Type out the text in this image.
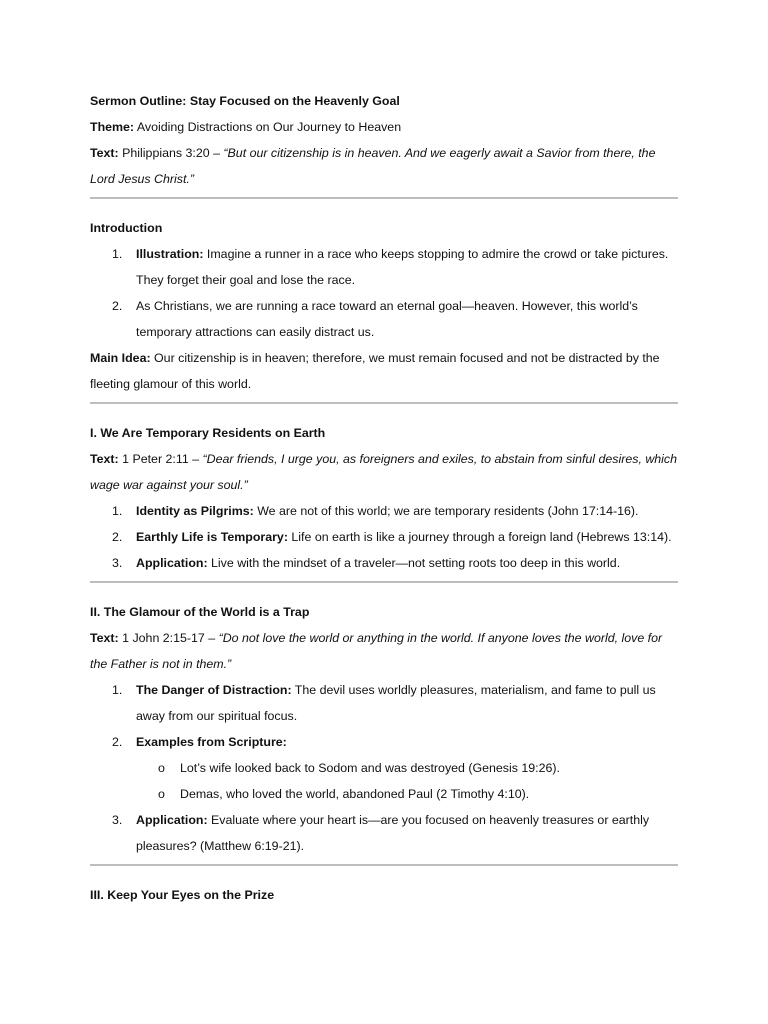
Sermon Outline: Stay Focused on the Heavenly Goal

Theme: Avoiding Distractions on Our Journey to Heaven

Text: Philippians 3:20 – “But our citizenship is in heaven. And we eagerly await a Savior from there, the Lord Jesus Christ.”

Introduction

1. Illustration: Imagine a runner in a race who keeps stopping to admire the crowd or take pictures. They forget their goal and lose the race.
2. As Christians, we are running a race toward an eternal goal—heaven. However, this world’s temporary attractions can easily distract us.

Main Idea: Our citizenship is in heaven; therefore, we must remain focused and not be distracted by the fleeting glamour of this world.

I. We Are Temporary Residents on Earth

Text: 1 Peter 2:11 – “Dear friends, I urge you, as foreigners and exiles, to abstain from sinful desires, which wage war against your soul.”

1. Identity as Pilgrims: We are not of this world; we are temporary residents (John 17:14-16).
2. Earthly Life is Temporary: Life on earth is like a journey through a foreign land (Hebrews 13:14).
3. Application: Live with the mindset of a traveler—not setting roots too deep in this world.

II. The Glamour of the World is a Trap

Text: 1 John 2:15-17 – “Do not love the world or anything in the world. If anyone loves the world, love for the Father is not in them.”

1. The Danger of Distraction: The devil uses worldly pleasures, materialism, and fame to pull us away from our spiritual focus.
2. Examples from Scripture:
o Lot’s wife looked back to Sodom and was destroyed (Genesis 19:26).
o Demas, who loved the world, abandoned Paul (2 Timothy 4:10).
3. Application: Evaluate where your heart is—are you focused on heavenly treasures or earthly pleasures? (Matthew 6:19-21).

III. Keep Your Eyes on the Prize
